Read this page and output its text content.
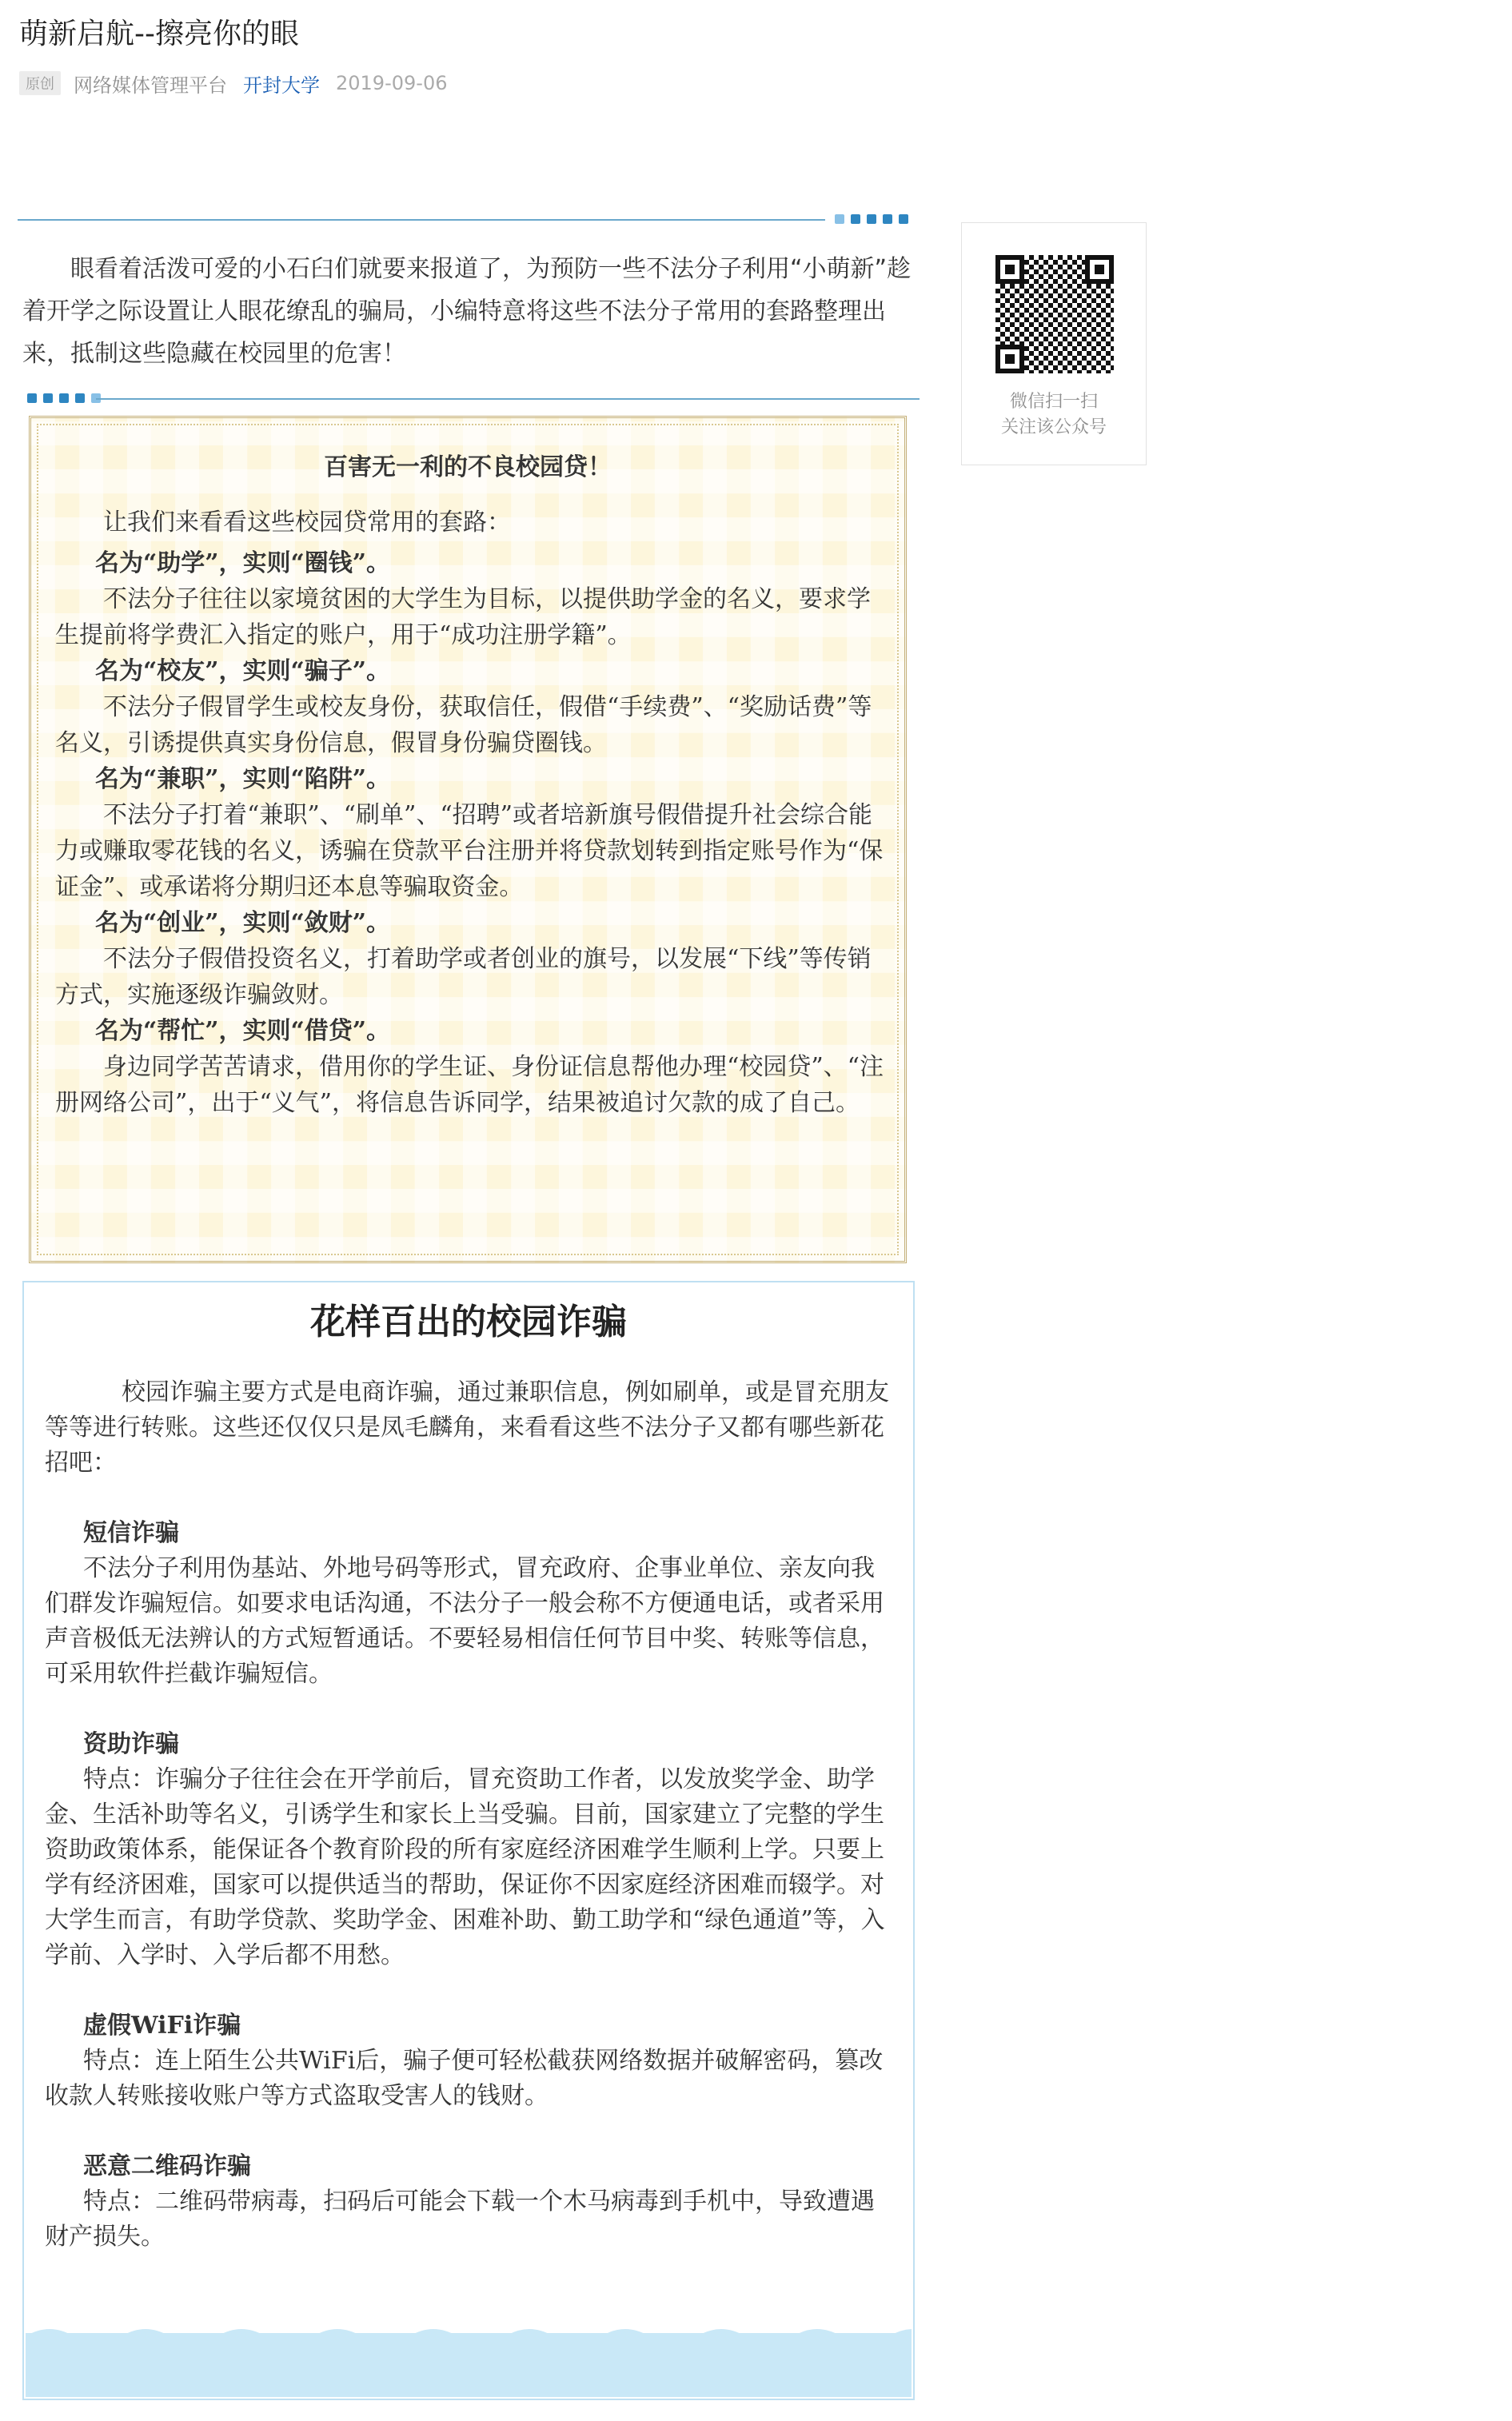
萌新启航--擦亮你的眼
原创	网络媒体管理平台 开封大学 2019-09-06
眼看着活泼可爱的小石臼们就要来报道了，为预防一些不法分子利用“小萌新”趁着开学之际设置让人眼花缭乱的骗局，小编特意将这些不法分子常用的套路整理出来，抵制这些隐藏在校园里的危害！
微信扫一扫
关注该公众号
百害无一利的不良校园贷！

让我们来看看这些校园贷常用的套路：

名为“助学”，实则“圈钱”。

不法分子往往以家境贫困的大学生为目标，以提供助学金的名义，要求学生提前将学费汇入指定的账户，用于“成功注册学籍”。

名为“校友”，实则“骗子”。

不法分子假冒学生或校友身份，获取信任，假借“手续费”、“奖励话费”等名义，引诱提供真实身份信息，假冒身份骗贷圈钱。

名为“兼职”，实则“陷阱”。

不法分子打着“兼职”、“刷单”、“招聘”或者培新旗号假借提升社会综合能力或赚取零花钱的名义，诱骗在贷款平台注册并将贷款划转到指定账号作为“保证金”、或承诺将分期归还本息等骗取资金。

名为“创业”，实则“敛财”。

不法分子假借投资名义，打着助学或者创业的旗号，以发展“下线”等传销方式，实施逐级诈骗敛财。

名为“帮忙”，实则“借贷”。

身边同学苦苦请求，借用你的学生证、身份证信息帮他办理“校园贷”、“注册网络公司”，出于“义气”，将信息告诉同学，结果被追讨欠款的成了自己。

花样百出的校园诈骗

校园诈骗主要方式是电商诈骗，通过兼职信息，例如刷单，或是冒充朋友等等进行转账。这些还仅仅只是凤毛麟角，来看看这些不法分子又都有哪些新花招吧：

短信诈骗

不法分子利用伪基站、外地号码等形式，冒充政府、企事业单位、亲友向我们群发诈骗短信。如要求电话沟通，不法分子一般会称不方便通电话，或者采用声音极低无法辨认的方式短暂通话。不要轻易相信任何节目中奖、转账等信息，可采用软件拦截诈骗短信。

资助诈骗

特点：诈骗分子往往会在开学前后，冒充资助工作者，以发放奖学金、助学金、生活补助等名义，引诱学生和家长上当受骗。目前，国家建立了完整的学生资助政策体系，能保证各个教育阶段的所有家庭经济困难学生顺利上学。只要上学有经济困难，国家可以提供适当的帮助，保证你不因家庭经济困难而辍学。对大学生而言，有助学贷款、奖助学金、困难补助、勤工助学和“绿色通道”等，入学前、入学时、入学后都不用愁。

虚假WiFi诈骗

特点：连上陌生公共WiFi后，骗子便可轻松截获网络数据并破解密码，篡改收款人转账接收账户等方式盗取受害人的钱财。

恶意二维码诈骗

特点：二维码带病毒，扫码后可能会下载一个木马病毒到手机中，导致遭遇财产损失。
